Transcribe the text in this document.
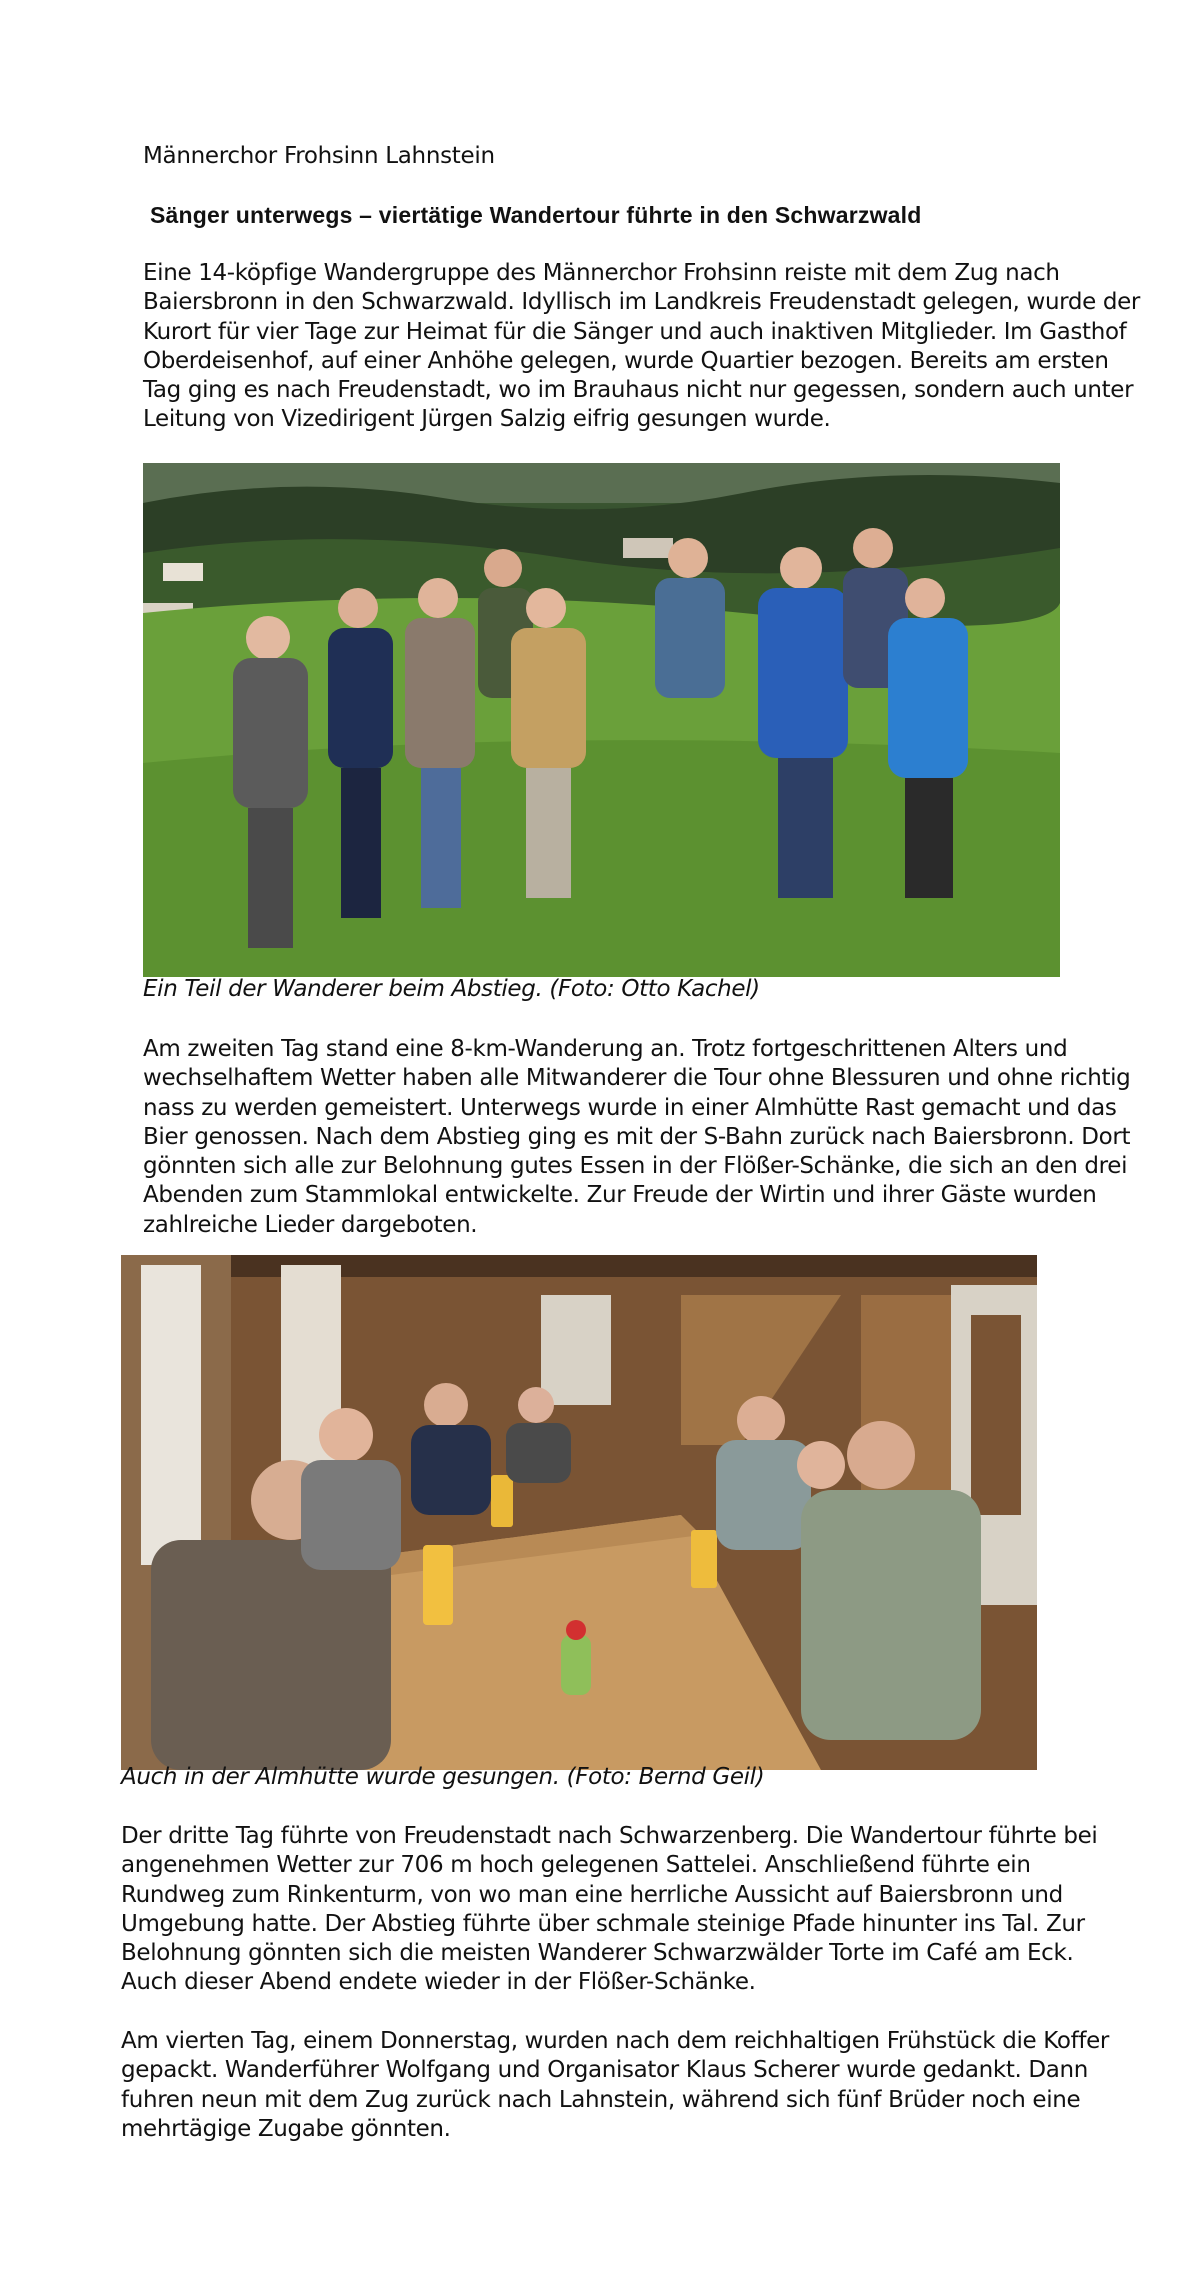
Männerchor Frohsinn Lahnstein
Sänger unterwegs – viertätige Wandertour führte in den Schwarzwald

Eine 14-köpfige Wandergruppe des Männerchor Frohsinn reiste mit dem Zug nach
Baiersbronn in den Schwarzwald. Idyllisch im Landkreis Freudenstadt gelegen, wurde der
Kurort für vier Tage zur Heimat für die Sänger und auch inaktiven Mitglieder. Im Gasthof
Oberdeisenhof, auf einer Anhöhe gelegen, wurde Quartier bezogen. Bereits am ersten
Tag ging es nach Freudenstadt, wo im Brauhaus nicht nur gegessen, sondern auch unter
Leitung von Vizedirigent Jürgen Salzig eifrig gesungen wurde.

Ein Teil der Wanderer beim Abstieg. (Foto: Otto Kachel)

Am zweiten Tag stand eine 8-km-Wanderung an. Trotz fortgeschrittenen Alters und
wechselhaftem Wetter haben alle Mitwanderer die Tour ohne Blessuren und ohne richtig
nass zu werden gemeistert. Unterwegs wurde in einer Almhütte Rast gemacht und das
Bier genossen. Nach dem Abstieg ging es mit der S-Bahn zurück nach Baiersbronn. Dort
gönnten sich alle zur Belohnung gutes Essen in der Flößer-Schänke, die sich an den drei
Abenden zum Stammlokal entwickelte. Zur Freude der Wirtin und ihrer Gäste wurden
zahlreiche Lieder dargeboten.

Auch in der Almhütte wurde gesungen. (Foto: Bernd Geil)

Der dritte Tag führte von Freudenstadt nach Schwarzenberg. Die Wandertour führte bei
angenehmen Wetter zur 706 m hoch gelegenen Sattelei. Anschließend führte ein
Rundweg zum Rinkenturm, von wo man eine herrliche Aussicht auf Baiersbronn und
Umgebung hatte. Der Abstieg führte über schmale steinige Pfade hinunter ins Tal. Zur
Belohnung gönnten sich die meisten Wanderer Schwarzwälder Torte im Café am Eck.
Auch dieser Abend endete wieder in der Flößer-Schänke.

Am vierten Tag, einem Donnerstag, wurden nach dem reichhaltigen Frühstück die Koffer
gepackt. Wanderführer Wolfgang und Organisator Klaus Scherer wurde gedankt. Dann
fuhren neun mit dem Zug zurück nach Lahnstein, während sich fünf Brüder noch eine
mehrtägige Zugabe gönnten.
